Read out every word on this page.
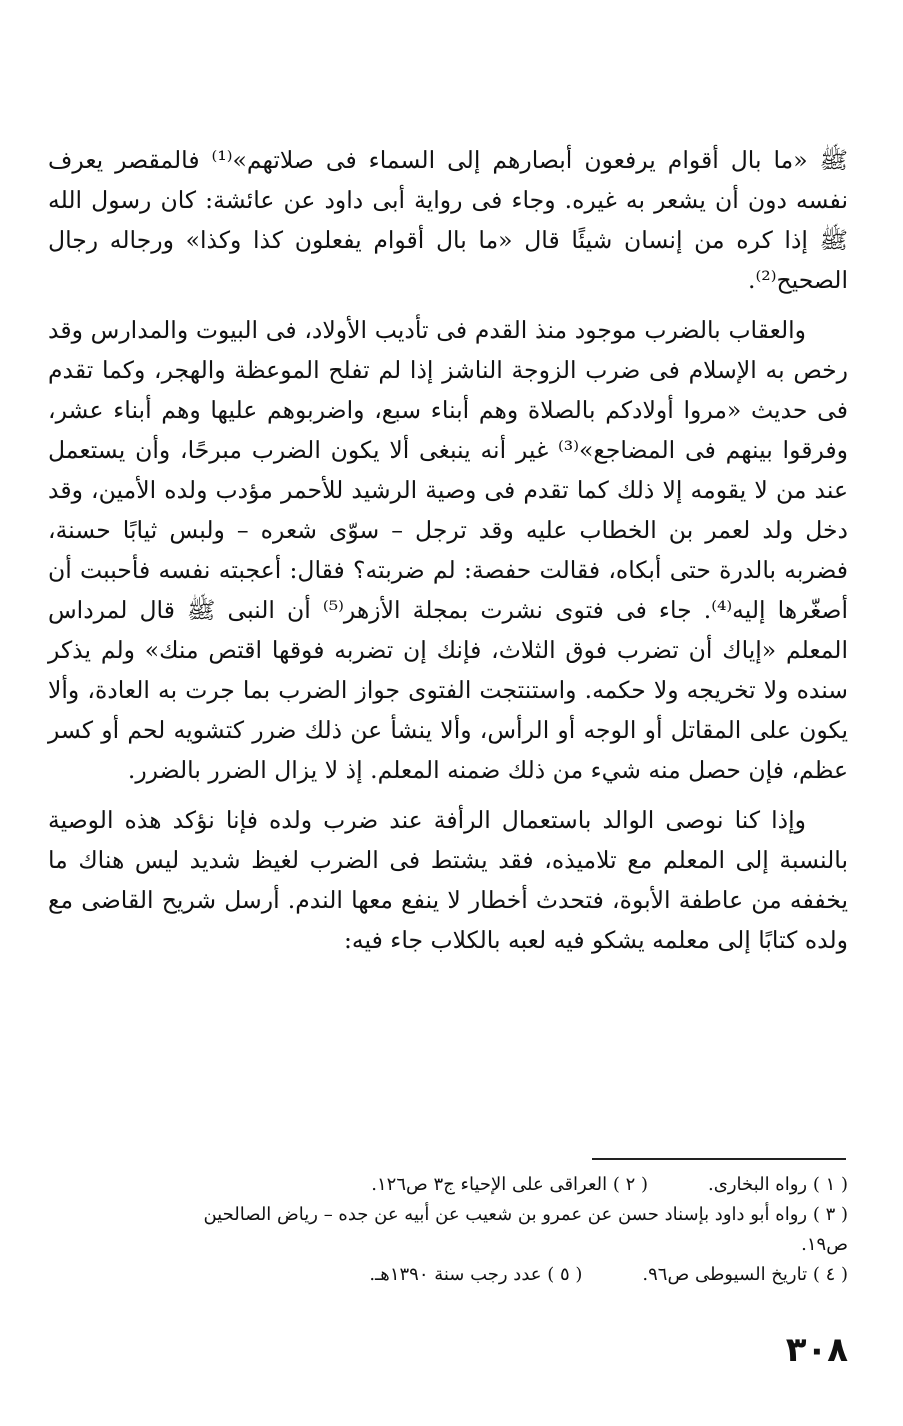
ﷺ «ما بال أقوام يرفعون أبصارهم إلى السماء فى صلاتهم»⁽¹⁾ فالمقصر يعرف نفسه دون أن يشعر به غيره. وجاء فى رواية أبى داود عن عائشة: كان رسول الله ﷺ إذا كره من إنسان شيئًا قال «ما بال أقوام يفعلون كذا وكذا» ورجاله رجال الصحيح⁽²⁾.

والعقاب بالضرب موجود منذ القدم فى تأديب الأولاد، فى البيوت والمدارس وقد رخص به الإسلام فى ضرب الزوجة الناشز إذا لم تفلح الموعظة والهجر، وكما تقدم فى حديث «مروا أولادكم بالصلاة وهم أبناء سبع، واضربوهم عليها وهم أبناء عشر، وفرقوا بينهم فى المضاجع»⁽³⁾ غير أنه ينبغى ألا يكون الضرب مبرحًا، وأن يستعمل عند من لا يقومه إلا ذلك كما تقدم فى وصية الرشيد للأحمر مؤدب ولده الأمين، وقد دخل ولد لعمر بن الخطاب عليه وقد ترجل – سوّى شعره – ولبس ثيابًا حسنة، فضربه بالدرة حتى أبكاه، فقالت حفصة: لم ضربته؟ فقال: أعجبته نفسه فأحببت أن أصغّرها إليه⁽⁴⁾. جاء فى فتوى نشرت بمجلة الأزهر⁽⁵⁾ أن النبى ﷺ قال لمرداس المعلم «إياك أن تضرب فوق الثلاث، فإنك إن تضربه فوقها اقتص منك» ولم يذكر سنده ولا تخريجه ولا حكمه. واستنتجت الفتوى جواز الضرب بما جرت به العادة، وألا يكون على المقاتل أو الوجه أو الرأس، وألا ينشأ عن ذلك ضرر كتشويه لحم أو كسر عظم، فإن حصل منه شيء من ذلك ضمنه المعلم. إذ لا يزال الضرر بالضرر.

وإذا كنا نوصى الوالد باستعمال الرأفة عند ضرب ولده فإنا نؤكد هذه الوصية بالنسبة إلى المعلم مع تلاميذه، فقد يشتط فى الضرب لغيظ شديد ليس هناك ما يخففه من عاطفة الأبوة، فتحدث أخطار لا ينفع معها الندم. أرسل شريح القاضى مع ولده كتابًا إلى معلمه يشكو فيه لعبه بالكلاب جاء فيه:

( ١ ) رواه البخارى.
( ٢ ) العراقى على الإحياء ج٣ ص١٢٦.
( ٣ ) رواه أبو داود بإسناد حسن عن عمرو بن شعيب عن أبيه عن جده – رياض الصالحين
ص١٩.
( ٤ ) تاريخ السيوطى ص٩٦.
( ٥ ) عدد رجب سنة ١٣٩٠هـ.
٣٠٨
